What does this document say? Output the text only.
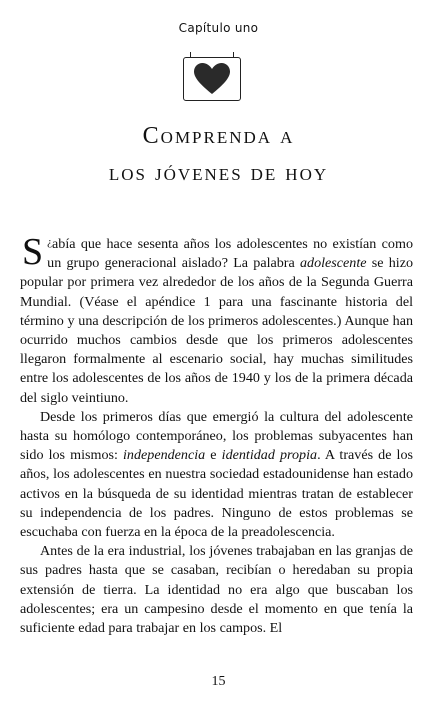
Capítulo uno
Comprenda a
los jóvenes de hoy

¿
S abía que hace sesenta años los adolescentes no existían como un grupo generacional aislado? La palabra adolescente se hizo popular por primera vez alrededor de los años de la Segunda Guerra Mundial. (Véase el apéndice 1 para una fascinante historia del término y una descripción de los primeros adolescentes.) Aunque han ocurrido muchos cambios desde que los primeros adolescentes llegaron formalmente al escenario social, hay muchas similitudes entre los adolescentes de los años de 1940 y los de la primera década del siglo veintiuno.

Desde los primeros días que emergió la cultura del adolescente hasta su homólogo contemporáneo, los problemas subyacentes han sido los mismos: independencia e identidad propia. A través de los años, los adolescentes en nuestra sociedad estadounidense han estado activos en la búsqueda de su identidad mientras tratan de establecer su independencia de los padres. Ninguno de estos problemas se escuchaba con fuerza en la época de la preadolescencia.

Antes de la era industrial, los jóvenes trabajaban en las granjas de sus padres hasta que se casaban, recibían o heredaban su propia extensión de tierra. La identidad no era algo que buscaban los adolescentes; era un campesino desde el momento en que tenía la suficiente edad para trabajar en los campos. El

15
